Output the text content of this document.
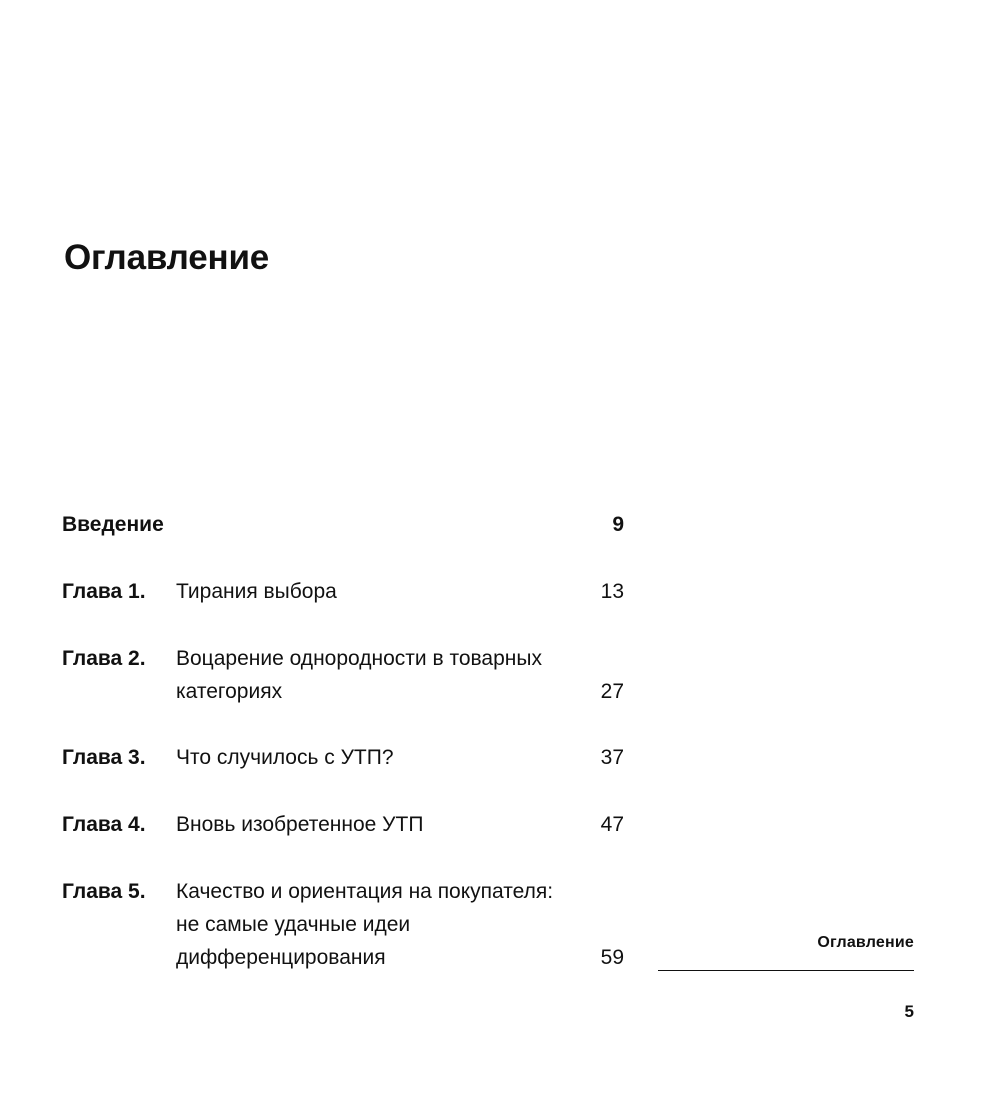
Оглавление
Введение	9
Глава 1. Тирания выбора	13
Глава 2. Воцарение однородности в товарных
категориях	27
Глава 3. Что случилось с УТП?	37
Глава 4. Вновь изобретенное УТП	47
Глава 5. Качество и ориентация на покупателя:
не самые удачные идеи
дифференцирования	59
Оглавление
5
